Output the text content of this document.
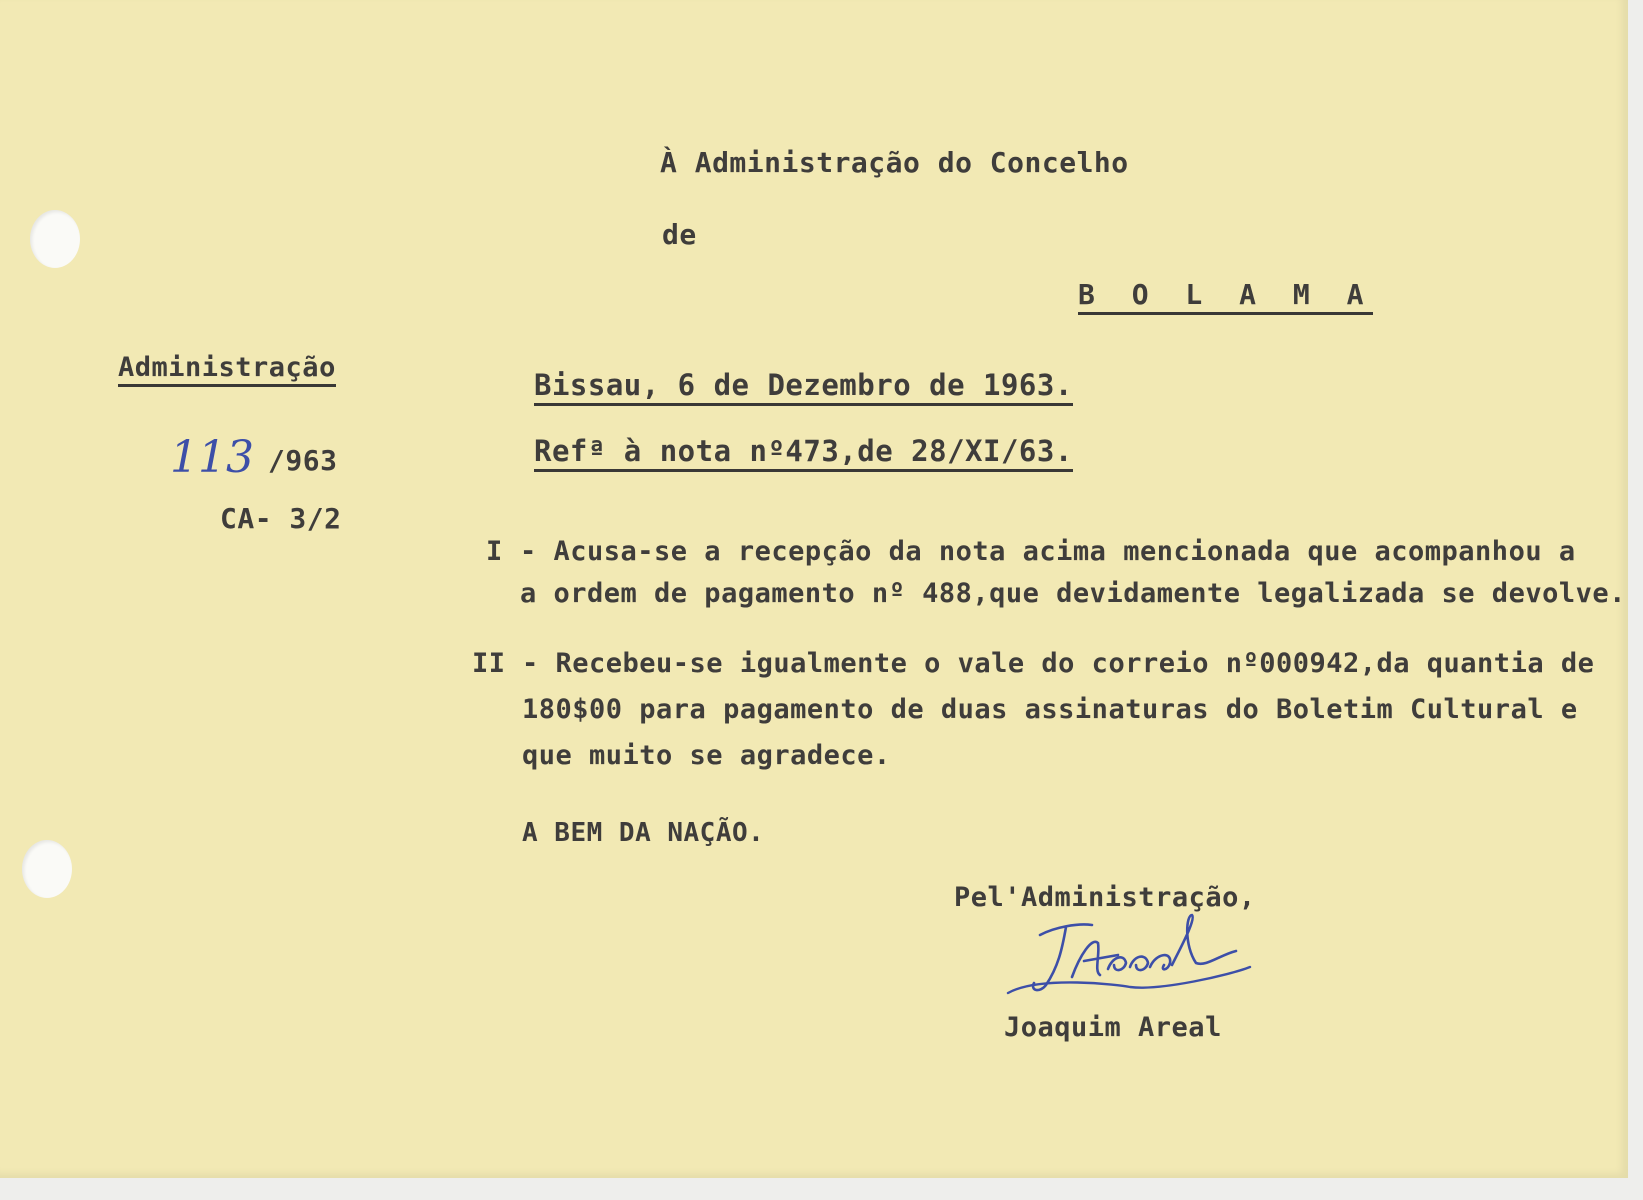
À Administração do Concelho
de
B O L A M A
Administração
113 /963
CA- 3/2
Bissau, 6 de Dezembro de 1963.
Refª à nota nº473,de 28/XI/63.
I - Acusa-se a recepção da nota acima mencionada que acompanhou a
a ordem de pagamento nº 488,que devidamente legalizada se devolve.
II - Recebeu-se igualmente o vale do correio nº000942,da quantia de
180$00 para pagamento de duas assinaturas do Boletim Cultural e
que muito se agradece.
A BEM DA NAÇÃO.
Pel'Administração,
Joaquim Areal
